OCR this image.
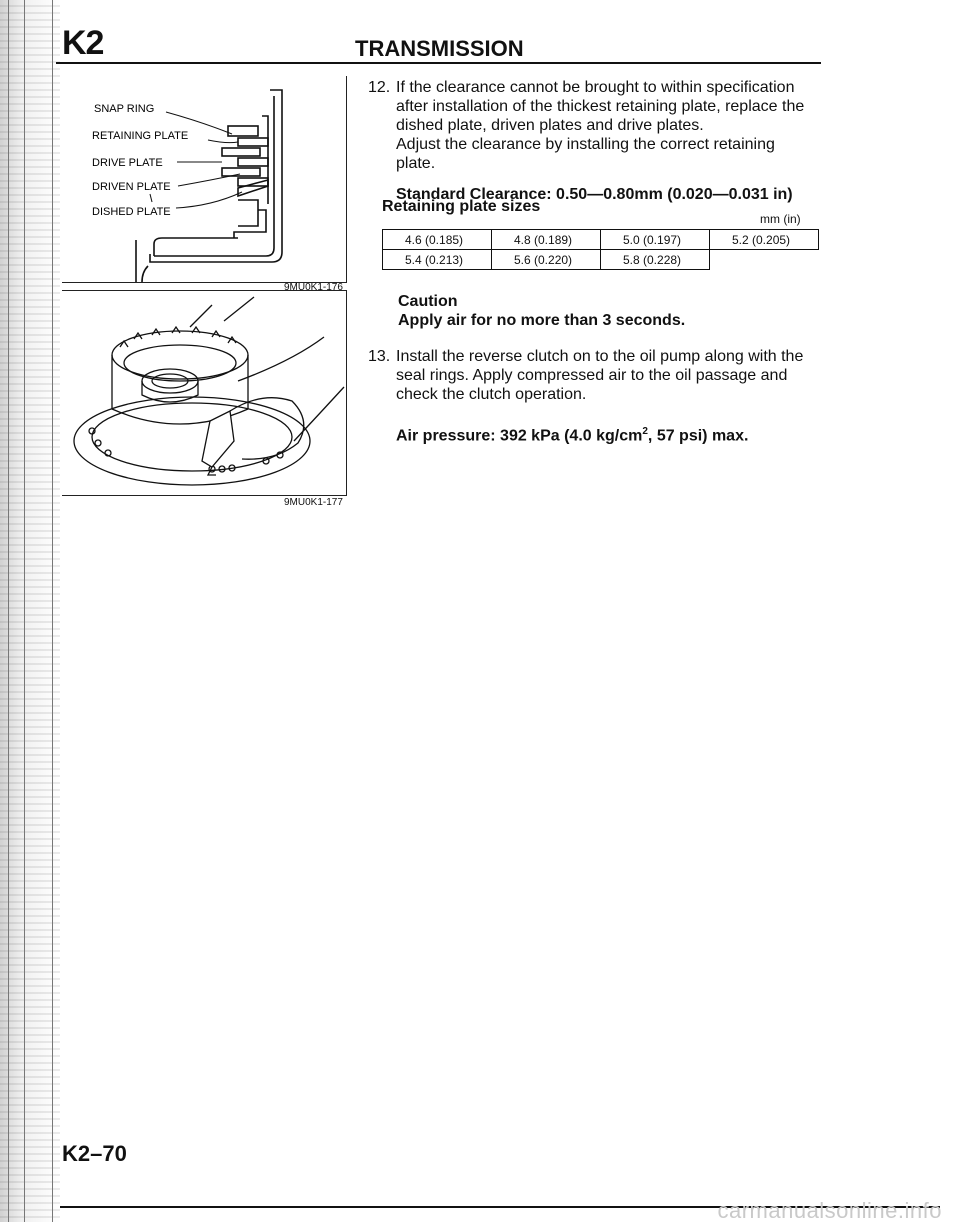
K2	TRANSMISSION
SNAP RING
RETAINING PLATE
DRIVE PLATE
DRIVEN PLATE
DISHED PLATE
9MU0K1-176
9MU0K1-177
12. If the clearance cannot be brought to within specification after installation of the thickest retaining plate, replace the dished plate, driven plates and drive plates.

Adjust the clearance by installing the correct retaining plate.

Standard Clearance: 0.50—0.80mm (0.020—0.031 in)

Retaining plate sizes
mm (in)
4.6 (0.185)	4.8 (0.189)	5.0 (0.197)	5.2 (0.205)
5.4 (0.213)	5.6 (0.220)	5.8 (0.228)	
Caution
Apply air for no more than 3 seconds.
13. Install the reverse clutch on to the oil pump along with the seal rings. Apply compressed air to the oil passage and check the clutch operation.

Air pressure: 392 kPa (4.0 $kg/cm^2$, 57 psi) max.

K2–70
carmanualsonline.info
